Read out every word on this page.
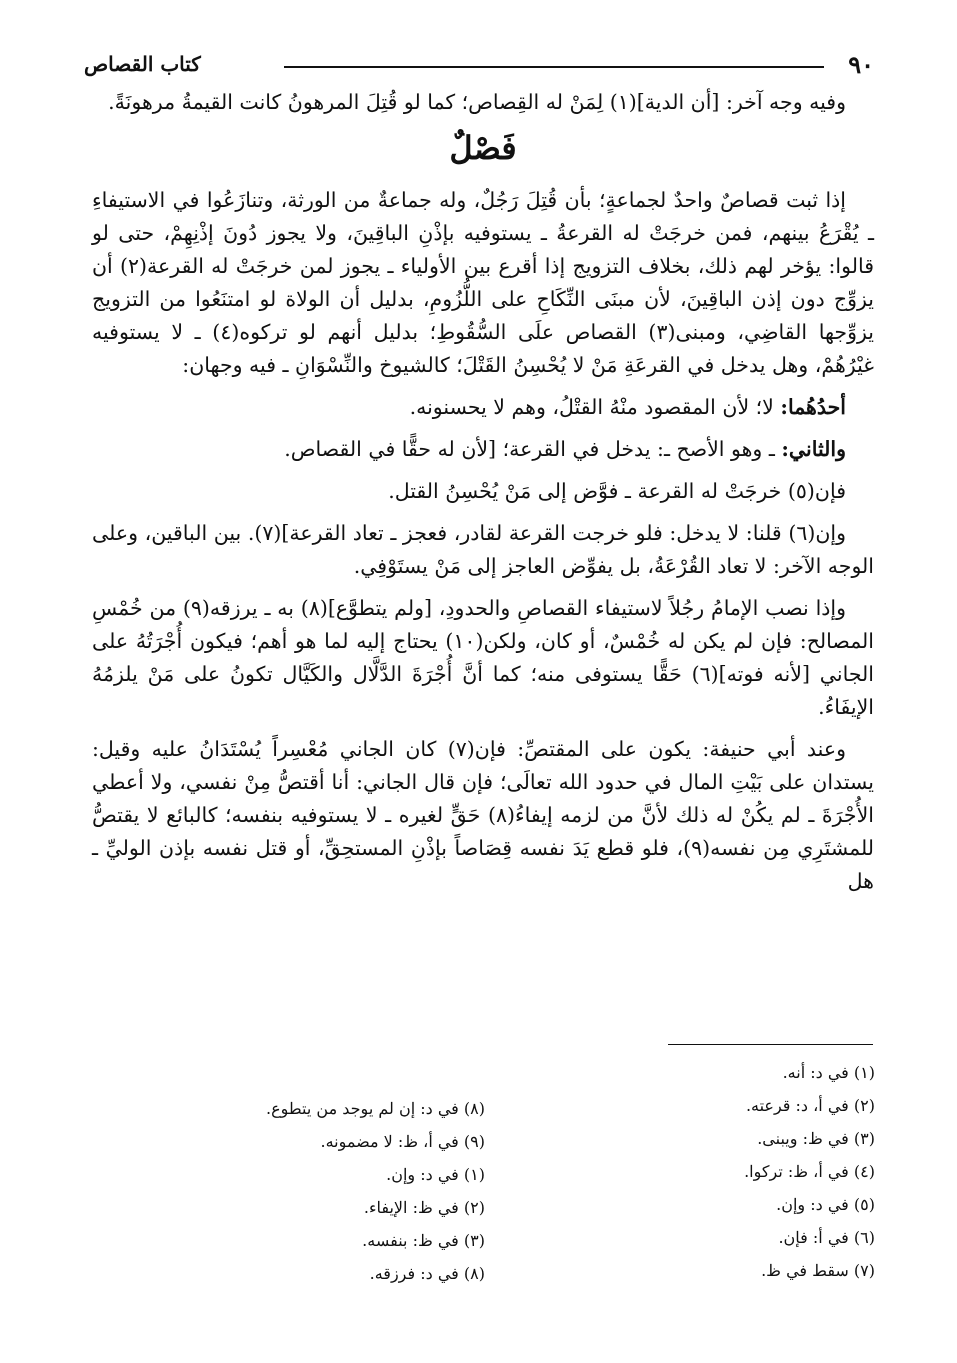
٩٠
كتاب القصاص

وفيه وجه آخر: [أن الدية](١) لِمَنْ له القِصاص؛ كما لو قُتِلَ المرهونُ كانت القيمةُ مرهونَةً.

فَصْلٌ

إذا ثبت قصاصٌ واحدٌ لجماعةٍ؛ بأن قُتِلَ رَجُلٌ، وله جماعةٌ من الورثة، وتنازَعُوا في الاستيفاءِ ـ يُقْرَعُ بينهم، فمن خرجَتْ له القرعةُ ـ يستوفيه بإذْنِ الباقِينَ، ولا يجوز دُونَ إذْنِهِمْ، حتى لو قالوا: يؤخر لهم ذلك، بخلاف التزويج إذا أقرع بين الأولياء ـ يجوز لمن خرجَتْ له القرعة(٢) أن يزوِّج دون إذن الباقِينَ، لأن مبنَى النِّكَاحِ على اللُّزُومِ، بدليل أن الولاة لو امتنَعُوا من التزويج يزوِّجها القاضِي، ومبنى(٣) القصاص علَى السُّقُوطِ؛ بدليل أنهم لو تركوه(٤) ـ لا يستوفيه غيْرُهُمْ، وهل يدخل في القرعَةِ مَنْ لا يُحْسِنُ القَتْلَ؛ كالشيوخ والنِّسْوَانِ ـ فيه وجهان:

أحدُهُما: لا؛ لأن المقصود منْهُ القتْلُ، وهم لا يحسنونه.

والثاني: ـ وهو الأصح ـ: يدخل في القرعة؛ [لأن له حقًّا في القصاص.

فإن(٥) خرجَتْ له القرعة ـ فوَّض إلى مَنْ يُحْسِنُ القتل.

وإن(٦) قلنا: لا يدخل: فلو خرجت القرعة لقادر، فعجز ـ تعاد القرعة](٧). بين الباقين، وعلى الوجه الآخر: لا تعاد القُرْعَةُ، بل يفوِّض العاجز إلى مَنْ يستَوْفِي.

وإذا نصب الإمامُ رجُلاً لاستيفاء القصاصِ والحدودِ، [ولم يتطوَّع](٨) به ـ يرزقه(٩) من خُمْسِ المصالح: فإن لم يكن له خُمْسٌ، أو كان، ولكن(١٠) يحتاج إليه لما هو أهم؛ فيكون أُجْرَتُهُ على الجاني [لأنه فوته](٦) حَقًّا يستوفى منه؛ كما أنَّ أُجْرَةَ الدَّلَّال والكَيَّال تكونُ على مَنْ يلزمُهُ الإيفَاءُ.

وعند أبي حنيفة: يكون على المقتصِّ: فإن(٧) كان الجاني مُعْسِراً يُسْتَدَانُ عليه وقيل: يستدان على بَيْتِ المال في حدود الله تعالَى؛ فإن قال الجاني: أنا أقتصُّ مِنْ نفسي، ولا أعطي الأُجْرَةَ ـ لم يكُنْ له ذلك لأنَّ من لزمه إيفاءُ(٨) حَقٍّ لغيره ـ لا يستوفيه بنفسه؛ كالبائع لا يقتصُّ للمشتَرِي مِن نفسه(٩)، فلو قطع يَدَ نفسه قِصَاصاً بإذْنِ المستحِقِّ، أو قتل نفسه بإذن الوليِّ ـ هل

(١) في د: أنه.
(٢) في أ، د: قرعته.
(٣) في ظ: ويبنى.
(٤) في أ، ظ: تركوا.
(٥) في د: وإن.
(٦) في أ: فإن.
(٧) سقط في ظ.
(٨) في د: إن لم يوجد من يتطوع.
(٩) في أ، ظ: لا مضمونه.
(١) في د: وإن.
(٢) في ظ: الإيفاء.
(٣) في ظ: بنفسه.
(٨) في د: فرزقه.
